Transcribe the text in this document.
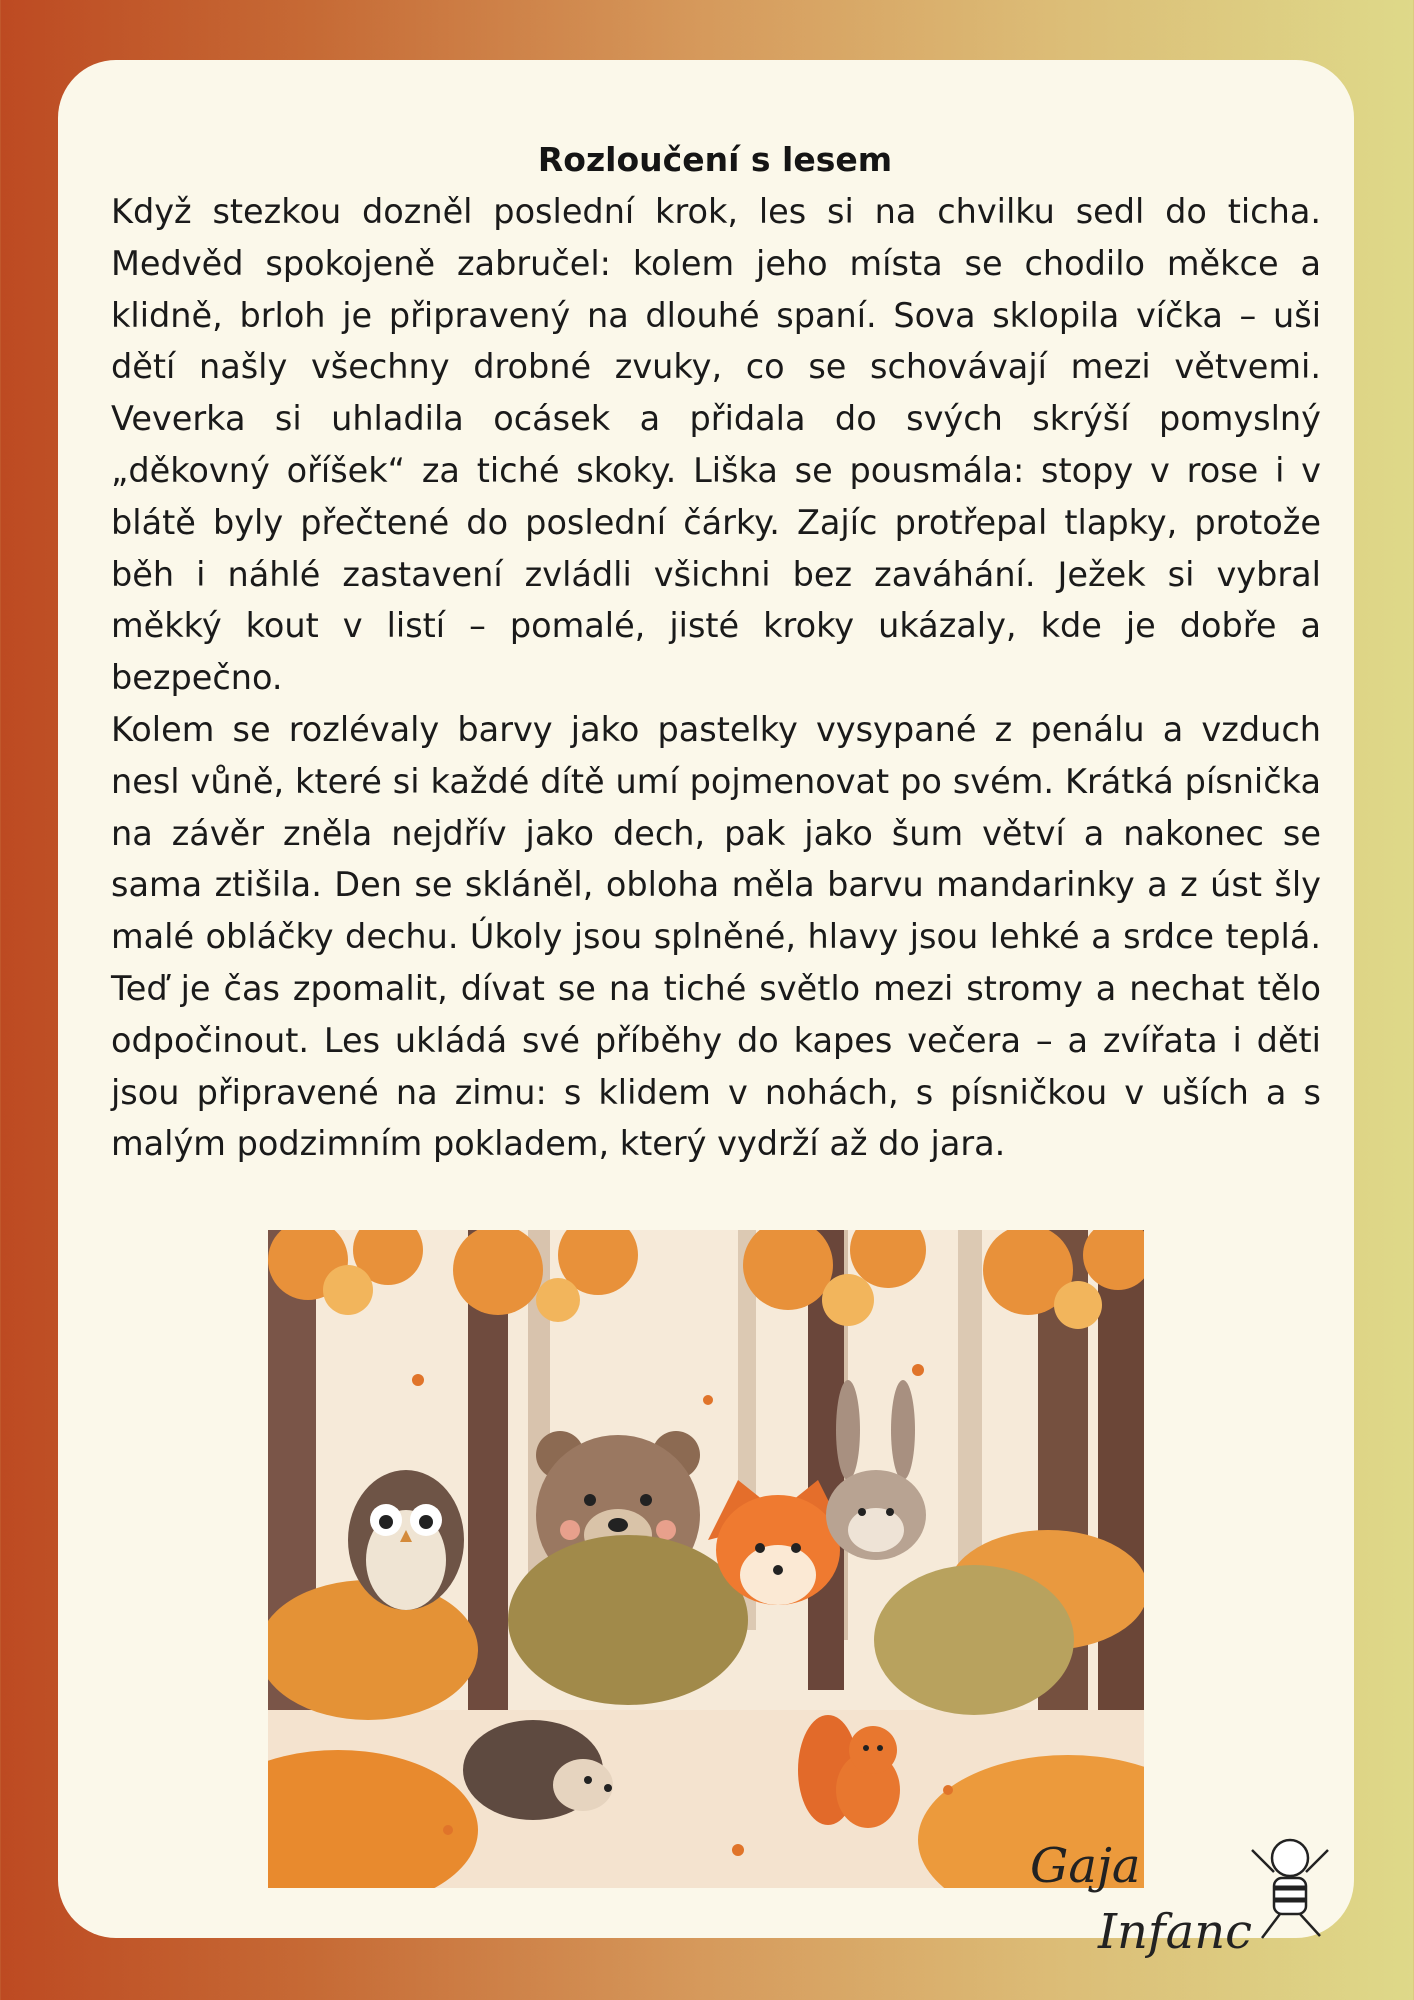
Rozloučení s lesem

Když stezkou dozněl poslední krok, les si na chvilku sedl do ticha. Medvěd spokojeně zabručel: kolem jeho místa se chodilo měkce a klidně, brloh je připravený na dlouhé spaní. Sova sklopila víčka – uši dětí našly všechny drobné zvuky, co se schovávají mezi větvemi. Veverka si uhladila ocásek a přidala do svých skrýší pomyslný „děkovný oříšek“ za tiché skoky. Liška se pousmála: stopy v rose i v blátě byly přečtené do poslední čárky. Zajíc protřepal tlapky, protože běh i náhlé zastavení zvládli všichni bez zaváhání. Ježek si vybral měkký kout v listí – pomalé, jisté kroky ukázaly, kde je dobře a bezpečno.

Kolem se rozlévaly barvy jako pastelky vysypané z penálu a vzduch nesl vůně, které si každé dítě umí pojmenovat po svém. Krátká písnička na závěr zněla nejdřív jako dech, pak jako šum větví a nakonec se sama ztišila. Den se skláněl, obloha měla barvu mandarinky a z úst šly malé obláčky dechu. Úkoly jsou splněné, hlavy jsou lehké a srdce teplá. Teď je čas zpomalit, dívat se na tiché světlo mezi stromy a nechat tělo odpočinout. Les ukládá své příběhy do kapes večera – a zvířata i děti jsou připravené na zimu: s klidem v nohách, s písničkou v uších a s malým podzimním pokladem, který vydrží až do jara.

Gaja
Infanc
